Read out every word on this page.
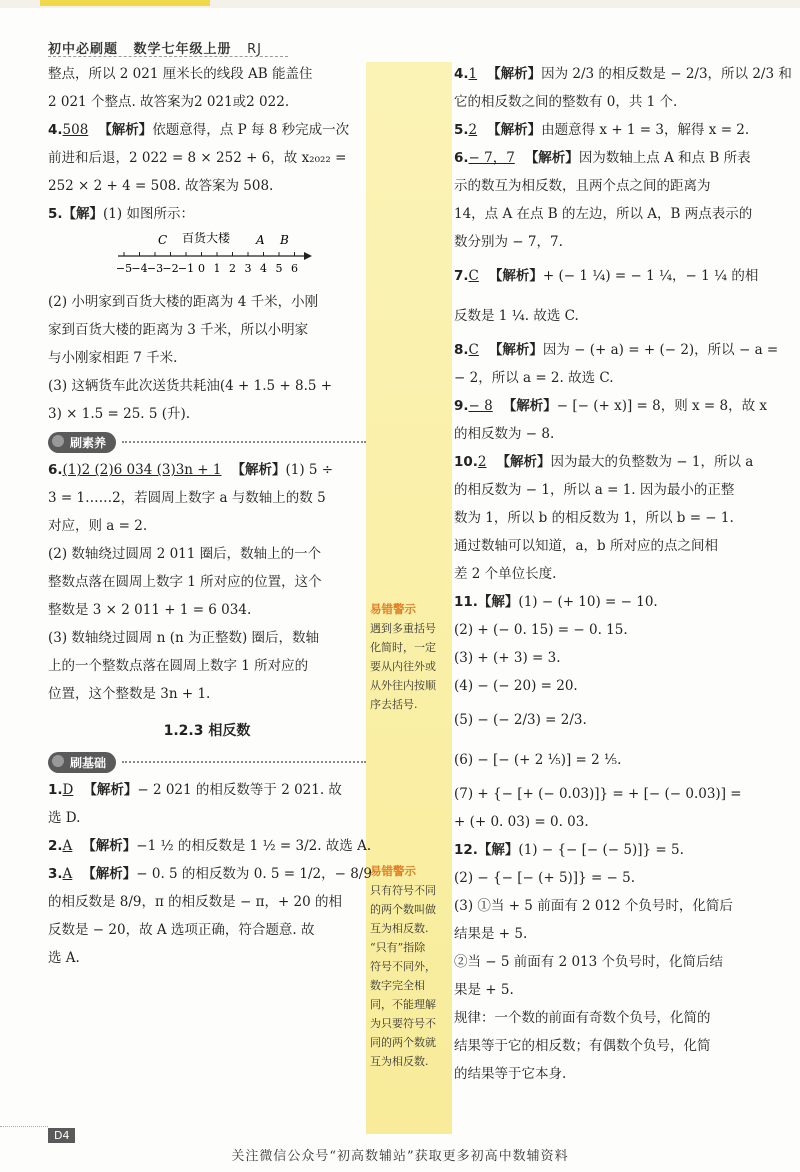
初中必刷题 数学七年级上册 RJ

整点，所以 2 021 厘米长的线段 AB 能盖住

2 021 个整点. 故答案为2 021或2 022.

4.508 【解析】依题意得，点 P 每 8 秒完成一次

前进和后退，2 022 = 8 × 252 + 6，故 x₂₀₂₂ =

252 × 2 + 4 = 508. 故答案为 508.

5.【解】(1) 如图所示：

C 百货大楼 A B
−5 −4 −3 −2 −1 0 1 2 3 4 5 6

(2) 小明家到百货大楼的距离为 4 千米，小刚

家到百货大楼的距离为 3 千米，所以小明家

与小刚家相距 7 千米.

(3) 这辆货车此次送货共耗油(4 + 1.5 + 8.5 +

3) × 1.5 = 25. 5 (升).

刷素养

6.(1)2 (2)6 034 (3)3n + 1 【解析】(1) 5 ÷

3 = 1……2，若圆周上数字 a 与数轴上的数 5

对应，则 a = 2.

(2) 数轴绕过圆周 2 011 圈后，数轴上的一个

整数点落在圆周上数字 1 所对应的位置，这个

整数是 3 × 2 011 + 1 = 6 034.

(3) 数轴绕过圆周 n (n 为正整数) 圈后，数轴

上的一个整数点落在圆周上数字 1 所对应的

位置，这个整数是 3n + 1.

1.2.3 相反数
刷基础

1.D 【解析】− 2 021 的相反数等于 2 021. 故

选 D.

2.A 【解析】−1 ½ 的相反数是 1 ½ = 3/2. 故选 A.

3.A 【解析】− 0. 5 的相反数为 0. 5 = 1/2，− 8/9

的相反数是 8/9，π 的相反数是 − π，+ 20 的相

反数是 − 20，故 A 选项正确，符合题意. 故

选 A.

易错警示
遇到多重括号
化简时，一定
要从内往外或
从外往内按顺
序去括号.
易错警示
只有符号不同
的两个数叫做
互为相反数.
“只有”指除
符号不同外，
数字完全相
同，不能理解
为只要符号不
同的两个数就
互为相反数.

4.1 【解析】因为 2/3 的相反数是 − 2/3，所以 2/3 和

它的相反数之间的整数有 0，共 1 个.

5.2 【解析】由题意得 x + 1 = 3，解得 x = 2.

6.− 7，7 【解析】因为数轴上点 A 和点 B 所表

示的数互为相反数，且两个点之间的距离为

14，点 A 在点 B 的左边，所以 A，B 两点表示的

数分别为 − 7，7.

7.C 【解析】+ (− 1 ¼) = − 1 ¼，− 1 ¼ 的相

反数是 1 ¼. 故选 C.

8.C 【解析】因为 − (+ a) = + (− 2)，所以 − a =

− 2，所以 a = 2. 故选 C.

9.− 8 【解析】− [− (+ x)] = 8，则 x = 8，故 x

的相反数为 − 8.

10.2 【解析】因为最大的负整数为 − 1，所以 a

的相反数为 − 1，所以 a = 1. 因为最小的正整

数为 1，所以 b 的相反数为 1，所以 b = − 1.

通过数轴可以知道，a，b 所对应的点之间相

差 2 个单位长度.

11.【解】(1) − (+ 10) = − 10.

(2) + (− 0. 15) = − 0. 15.

(3) + (+ 3) = 3.

(4) − (− 20) = 20.

(5) − (− 2/3) = 2/3.

(6) − [− (+ 2 ⅕)] = 2 ⅕.

(7) + {− [+ (− 0.03)]} = + [− (− 0.03)] =

+ (+ 0. 03) = 0. 03.

12.【解】(1) − {− [− (− 5)]} = 5.

(2) − {− [− (+ 5)]} = − 5.

(3) ①当 + 5 前面有 2 012 个负号时，化简后

结果是 + 5.

②当 − 5 前面有 2 013 个负号时，化简后结

果是 + 5.

规律：一个数的前面有奇数个负号，化简的

结果等于它的相反数；有偶数个负号，化简

的结果等于它本身.

D4
关注微信公众号“初高数辅站”获取更多初高中数辅资料
